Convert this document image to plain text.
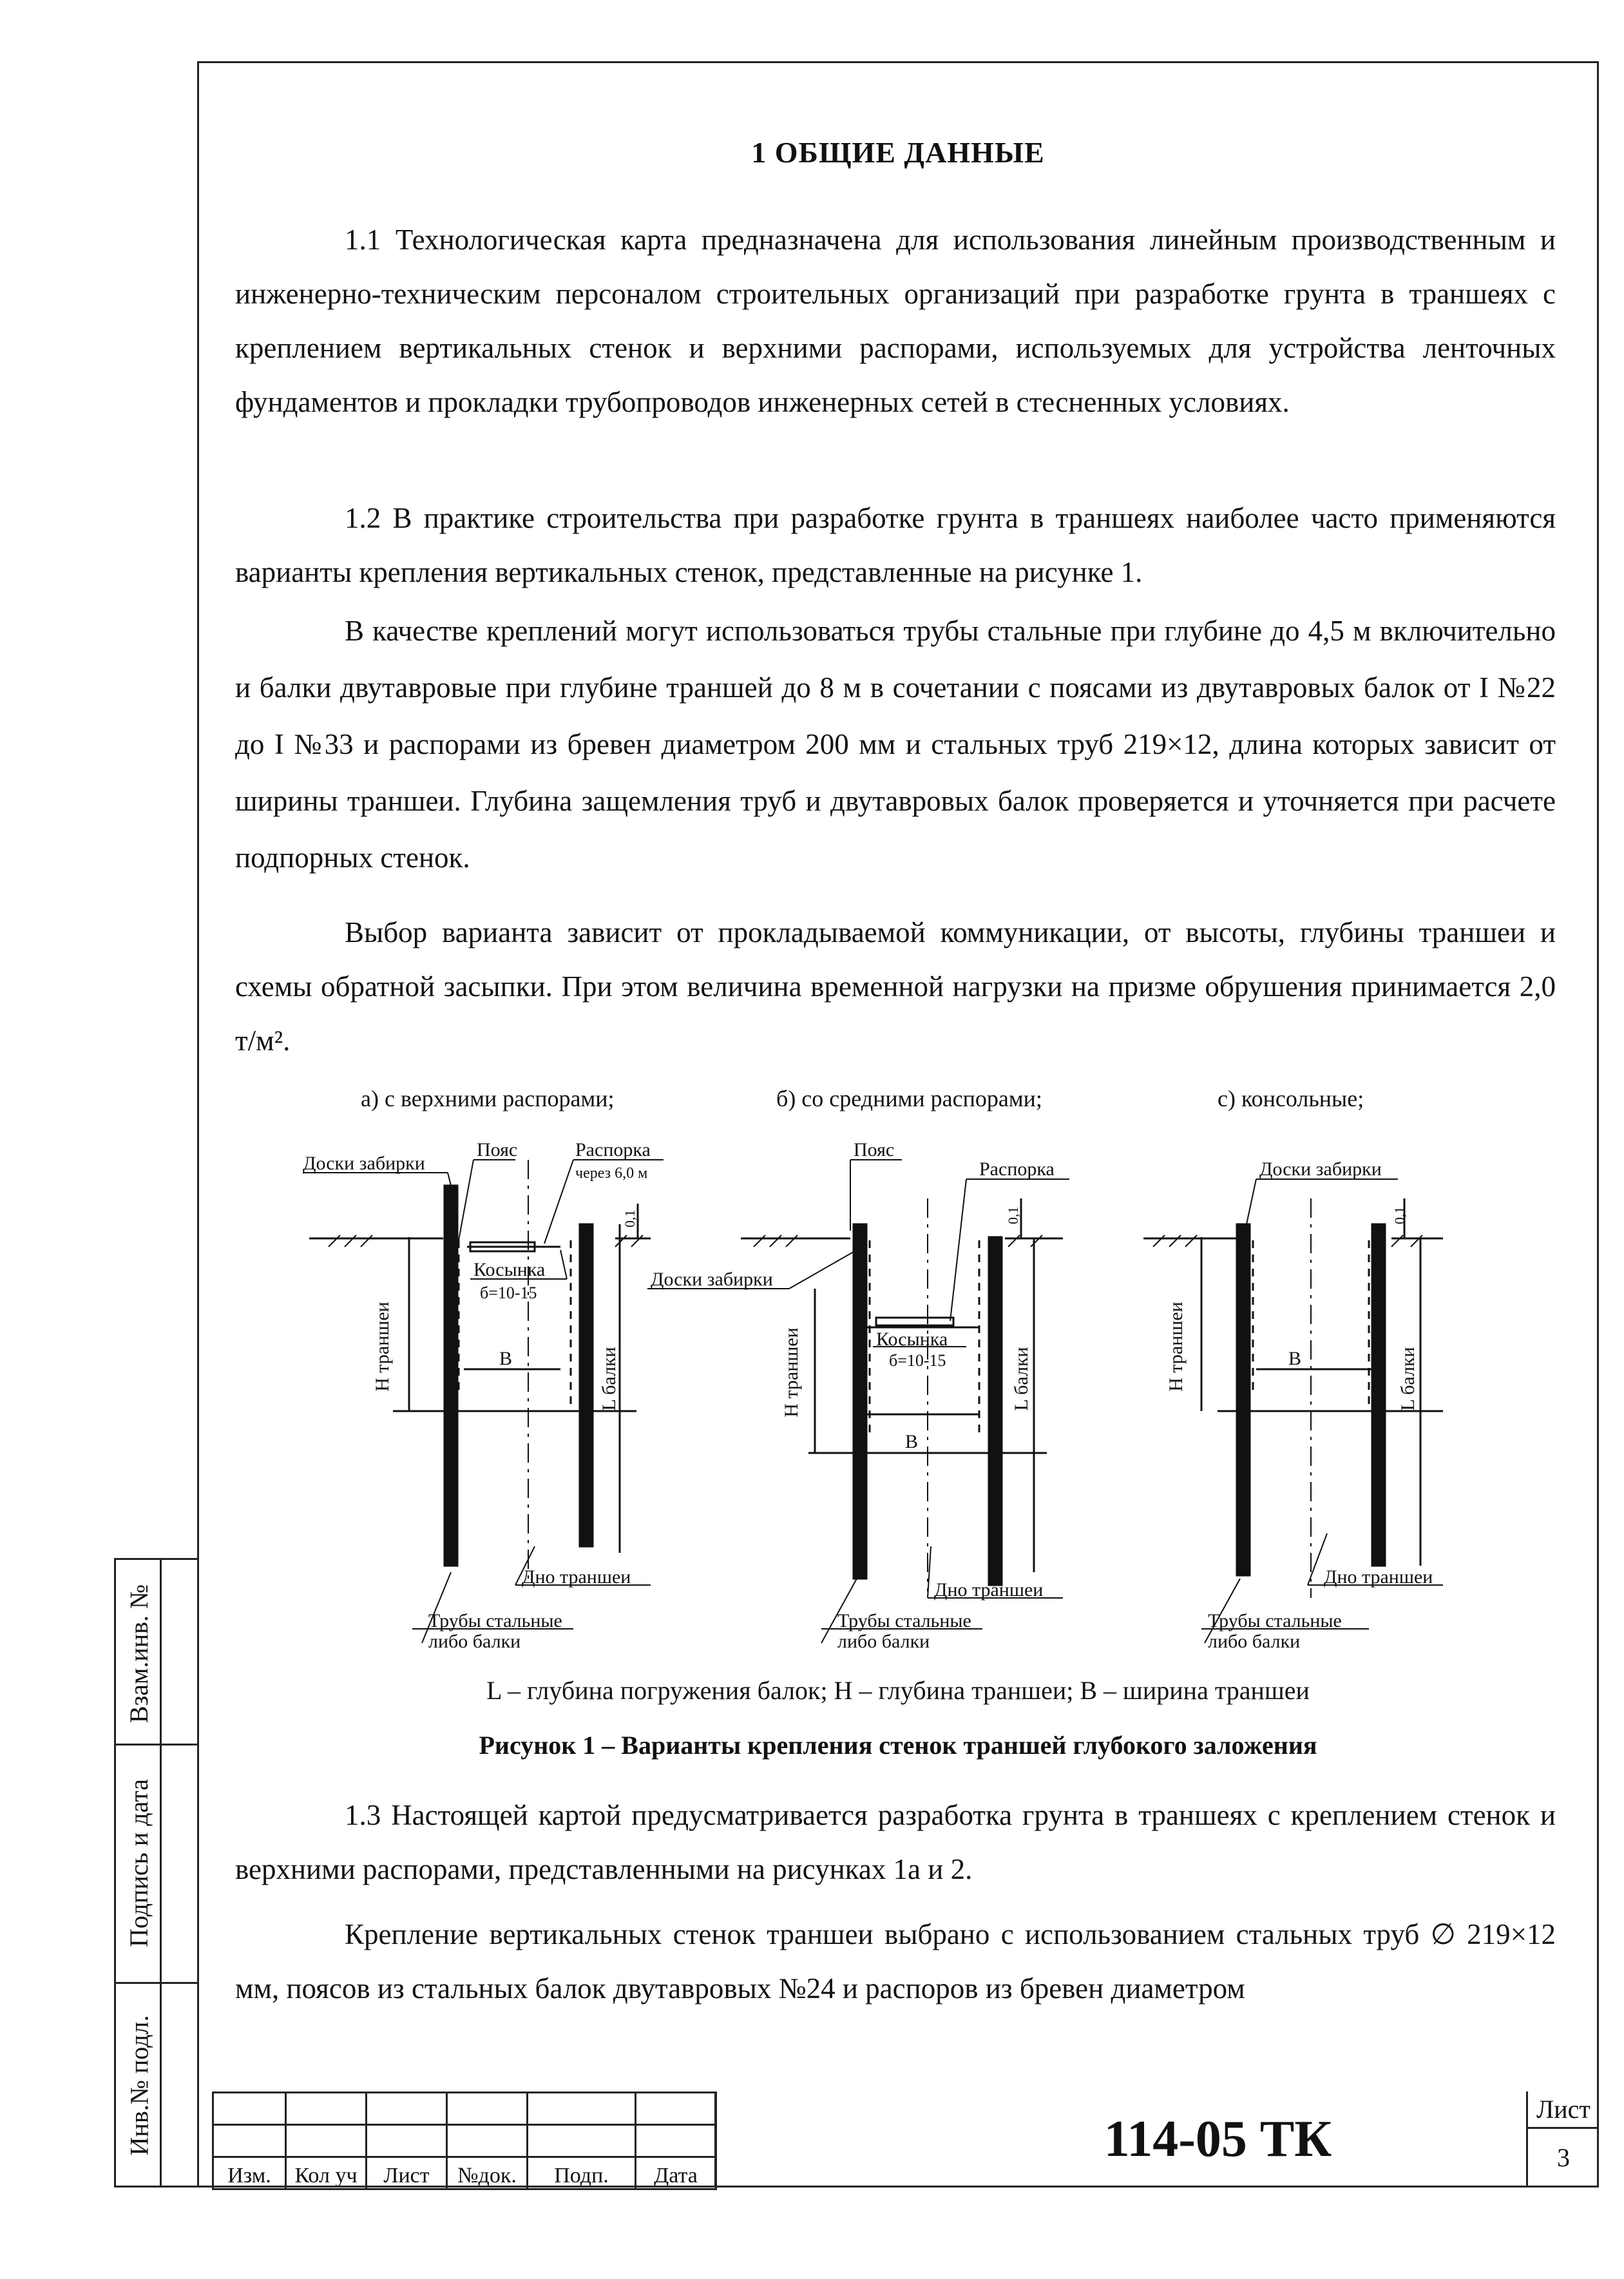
Взам.инв. №
Подпись и дата
Инв.№ подл.
1 ОБЩИЕ ДАННЫЕ
1.1 Технологическая карта предназначена для использования линейным производственным и инженерно-техническим персоналом строительных организаций при разработке грунта в траншеях с креплением вертикальных стенок и верхними распорами, используемых для устройства ленточных фундаментов и прокладки трубопроводов инженерных сетей в стесненных условиях.
1.2 В практике строительства при разработке грунта в траншеях наиболее часто применяются варианты крепления вертикальных стенок, представленные на рисунке 1.
В качестве креплений могут использоваться трубы стальные при глубине до 4,5 м включительно и балки двутавровые при глубине траншей до 8 м в сочетании с поясами из двутавровых балок от I №22 до I №33 и распорами из бревен диаметром 200 мм и стальных труб 219×12, длина которых зависит от ширины траншеи. Глубина защемления труб и двутавровых балок проверяется и уточняется при расчете подпорных стенок.
Выбор варианта зависит от прокладываемой коммуникации, от высоты, глубины траншеи и схемы обратной засыпки. При этом величина временной нагрузки на призме обрушения принимается 2,0 т/м².
а) с верхними распорами;	б) со средними распорами;	с) консольные;
Доски забирки
Пояс	Распорка
через 6,0 м
Косынка
б=10-15
В
Н траншеи	L балки
0,1
Дно траншеи
Трубы стальные
либо балки
Пояс
Распорка
Доски забирки
Косынка
б=10-15
В
Н траншеи	L балки
0,1
Дно траншеи
Трубы стальные
либо балки
Доски забирки
В
Н траншеи	L балки
0,1
Дно траншеи
Трубы стальные
либо балки
L – глубина погружения балок; Н – глубина траншеи; В – ширина траншеи
Рисунок 1 – Варианты крепления стенок траншей глубокого заложения
1.3 Настоящей картой предусматривается разработка грунта в траншеях с креплением стенок и верхними распорами, представленными на рисунках 1а и 2.
Крепление вертикальных стенок траншеи выбрано с использованием стальных труб ∅ 219×12 мм, поясов из стальных балок двутавровых №24 и распоров из бревен диаметром

Изм.	Кол уч	Лист	№док.	Подп.	Дата
114-05 ТК
Лист
3
